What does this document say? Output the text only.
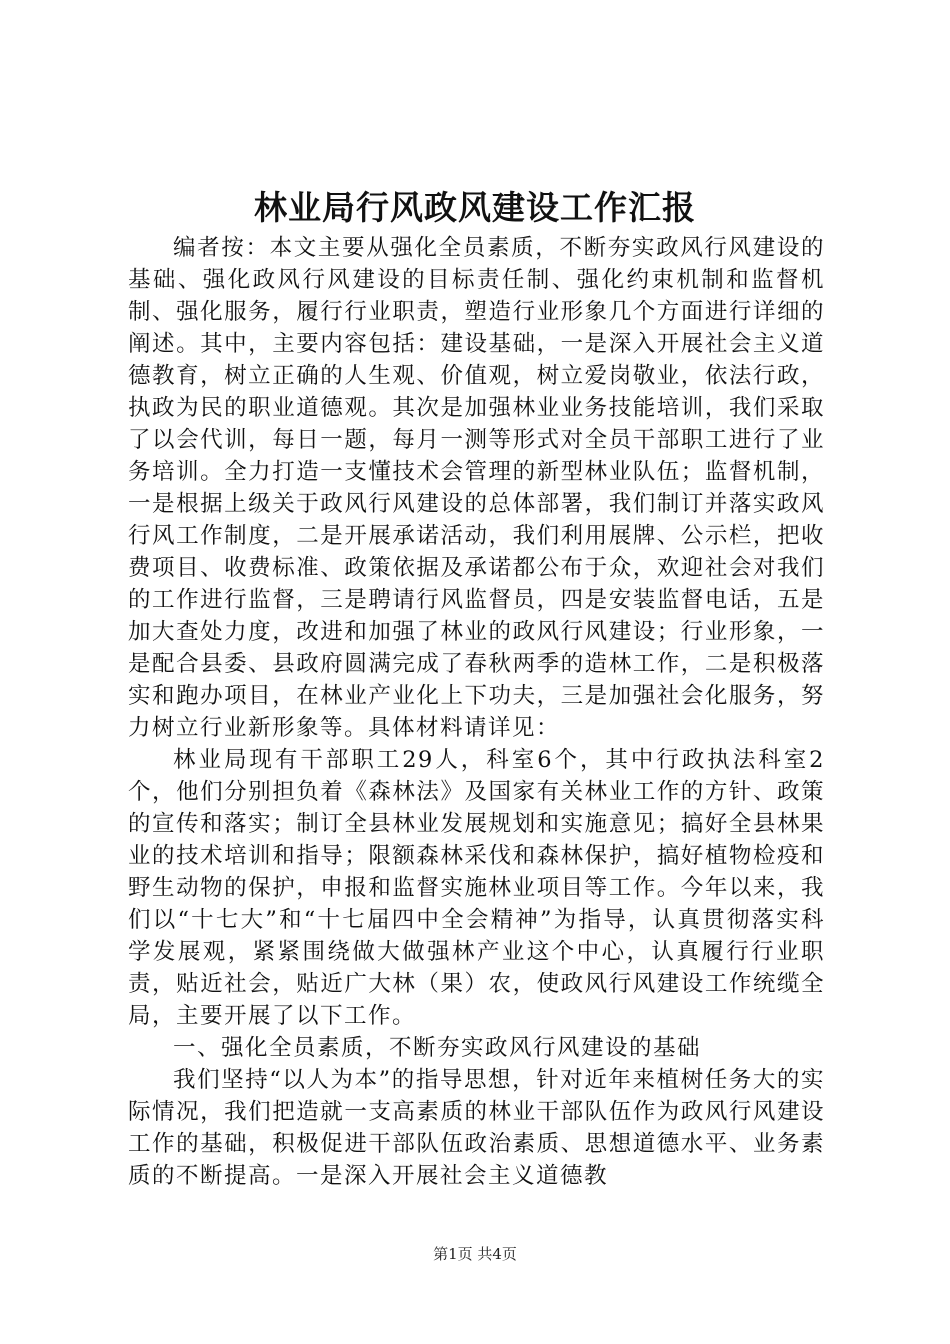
林业局行风政风建设工作汇报

编者按：本文主要从强化全员素质，不断夯实政风行风建设的基础、强化政风行风建设的目标责任制、强化约束机制和监督机制、强化服务，履行行业职责，塑造行业形象几个方面进行详细的阐述。其中，主要内容包括：建设基础，一是深入开展社会主义道德教育，树立正确的人生观、价值观，树立爱岗敬业，依法行政，执政为民的职业道德观。其次是加强林业业务技能培训，我们采取了以会代训，每日一题，每月一测等形式对全员干部职工进行了业务培训。全力打造一支懂技术会管理的新型林业队伍；监督机制，一是根据上级关于政风行风建设的总体部署，我们制订并落实政风行风工作制度，二是开展承诺活动，我们利用展牌、公示栏，把收费项目、收费标准、政策依据及承诺都公布于众，欢迎社会对我们的工作进行监督，三是聘请行风监督员，四是安装监督电话，五是加大查处力度，改进和加强了林业的政风行风建设；行业形象，一是配合县委、县政府圆满完成了春秋两季的造林工作，二是积极落实和跑办项目，在林业产业化上下功夫，三是加强社会化服务，努力树立行业新形象等。具体材料请详见：

林业局现有干部职工29人，科室6个，其中行政执法科室2个，他们分别担负着《森林法》及国家有关林业工作的方针、政策的宣传和落实；制订全县林业发展规划和实施意见；搞好全县林果业的技术培训和指导；限额森林采伐和森林保护，搞好植物检疫和野生动物的保护，申报和监督实施林业项目等工作。今年以来，我们以“十七大”和“十七届四中全会精神”为指导，认真贯彻落实科学发展观，紧紧围绕做大做强林产业这个中心，认真履行行业职责，贴近社会，贴近广大林（果）农，使政风行风建设工作统缆全局，主要开展了以下工作。

一、强化全员素质，不断夯实政风行风建设的基础

我们坚持“以人为本”的指导思想，针对近年来植树任务大的实际情况，我们把造就一支高素质的林业干部队伍作为政风行风建设工作的基础，积极促进干部队伍政治素质、思想道德水平、业务素质的不断提高。一是深入开展社会主义道德教

第1页 共4页
